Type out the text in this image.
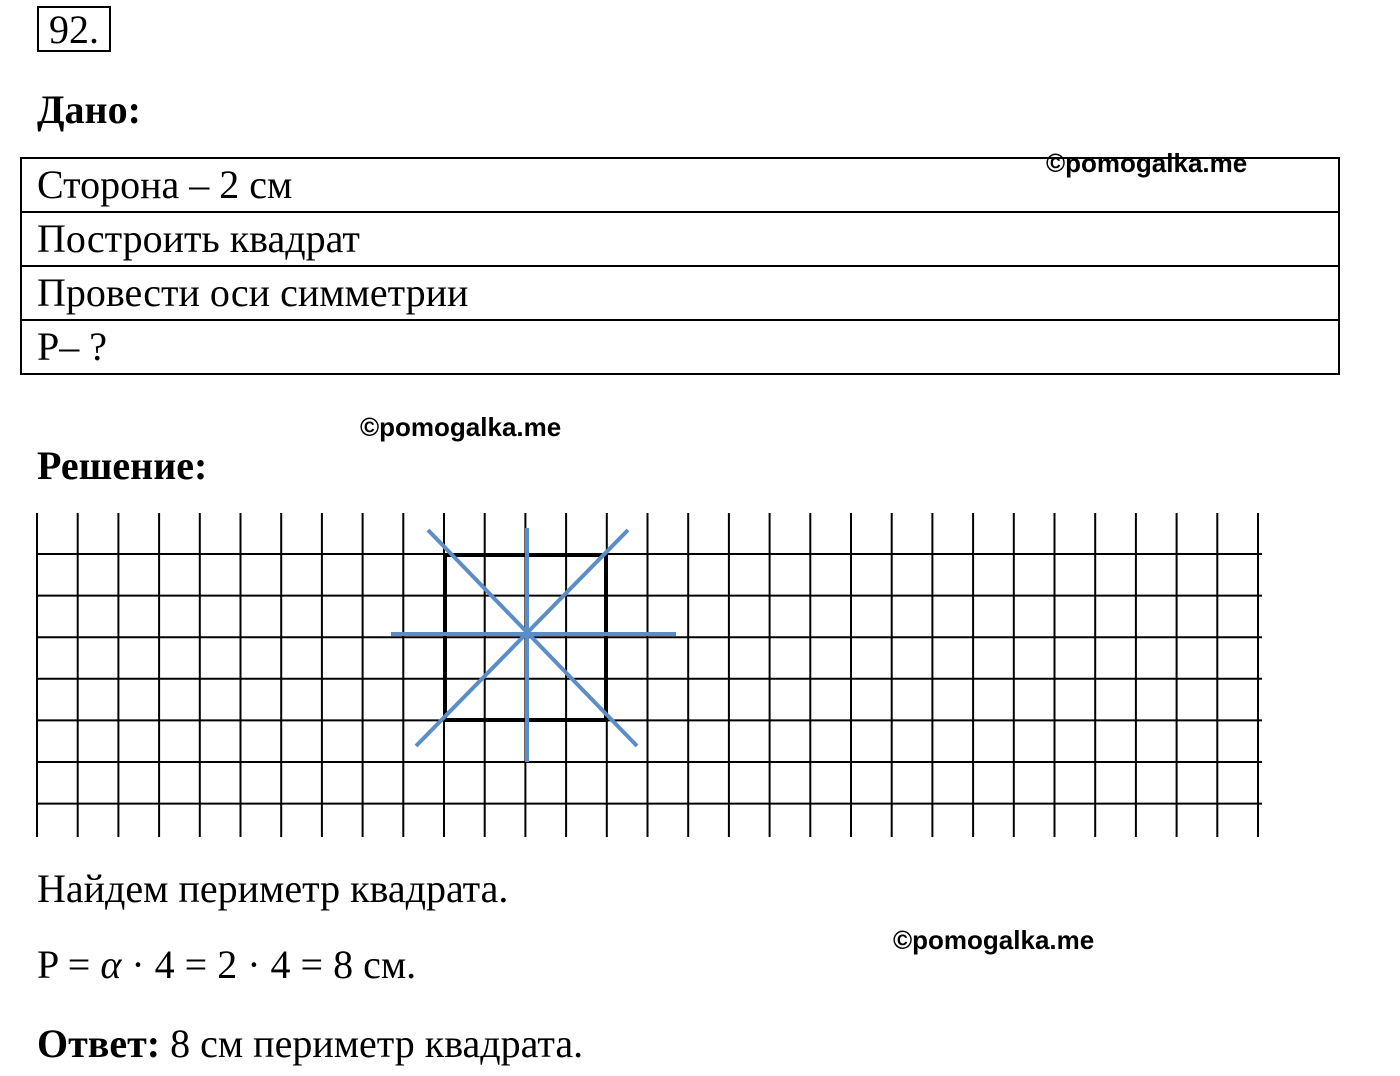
92.
Дано:
Сторона – 2 см
Построить квадрат
Провести оси симметрии
P– ?
©pomogalka.me
©pomogalka.me
Решение:
Найдем периметр квадрата.
P = α · 4 = 2 · 4 = 8 см.
©pomogalka.me
Ответ: 8 см периметр квадрата.
